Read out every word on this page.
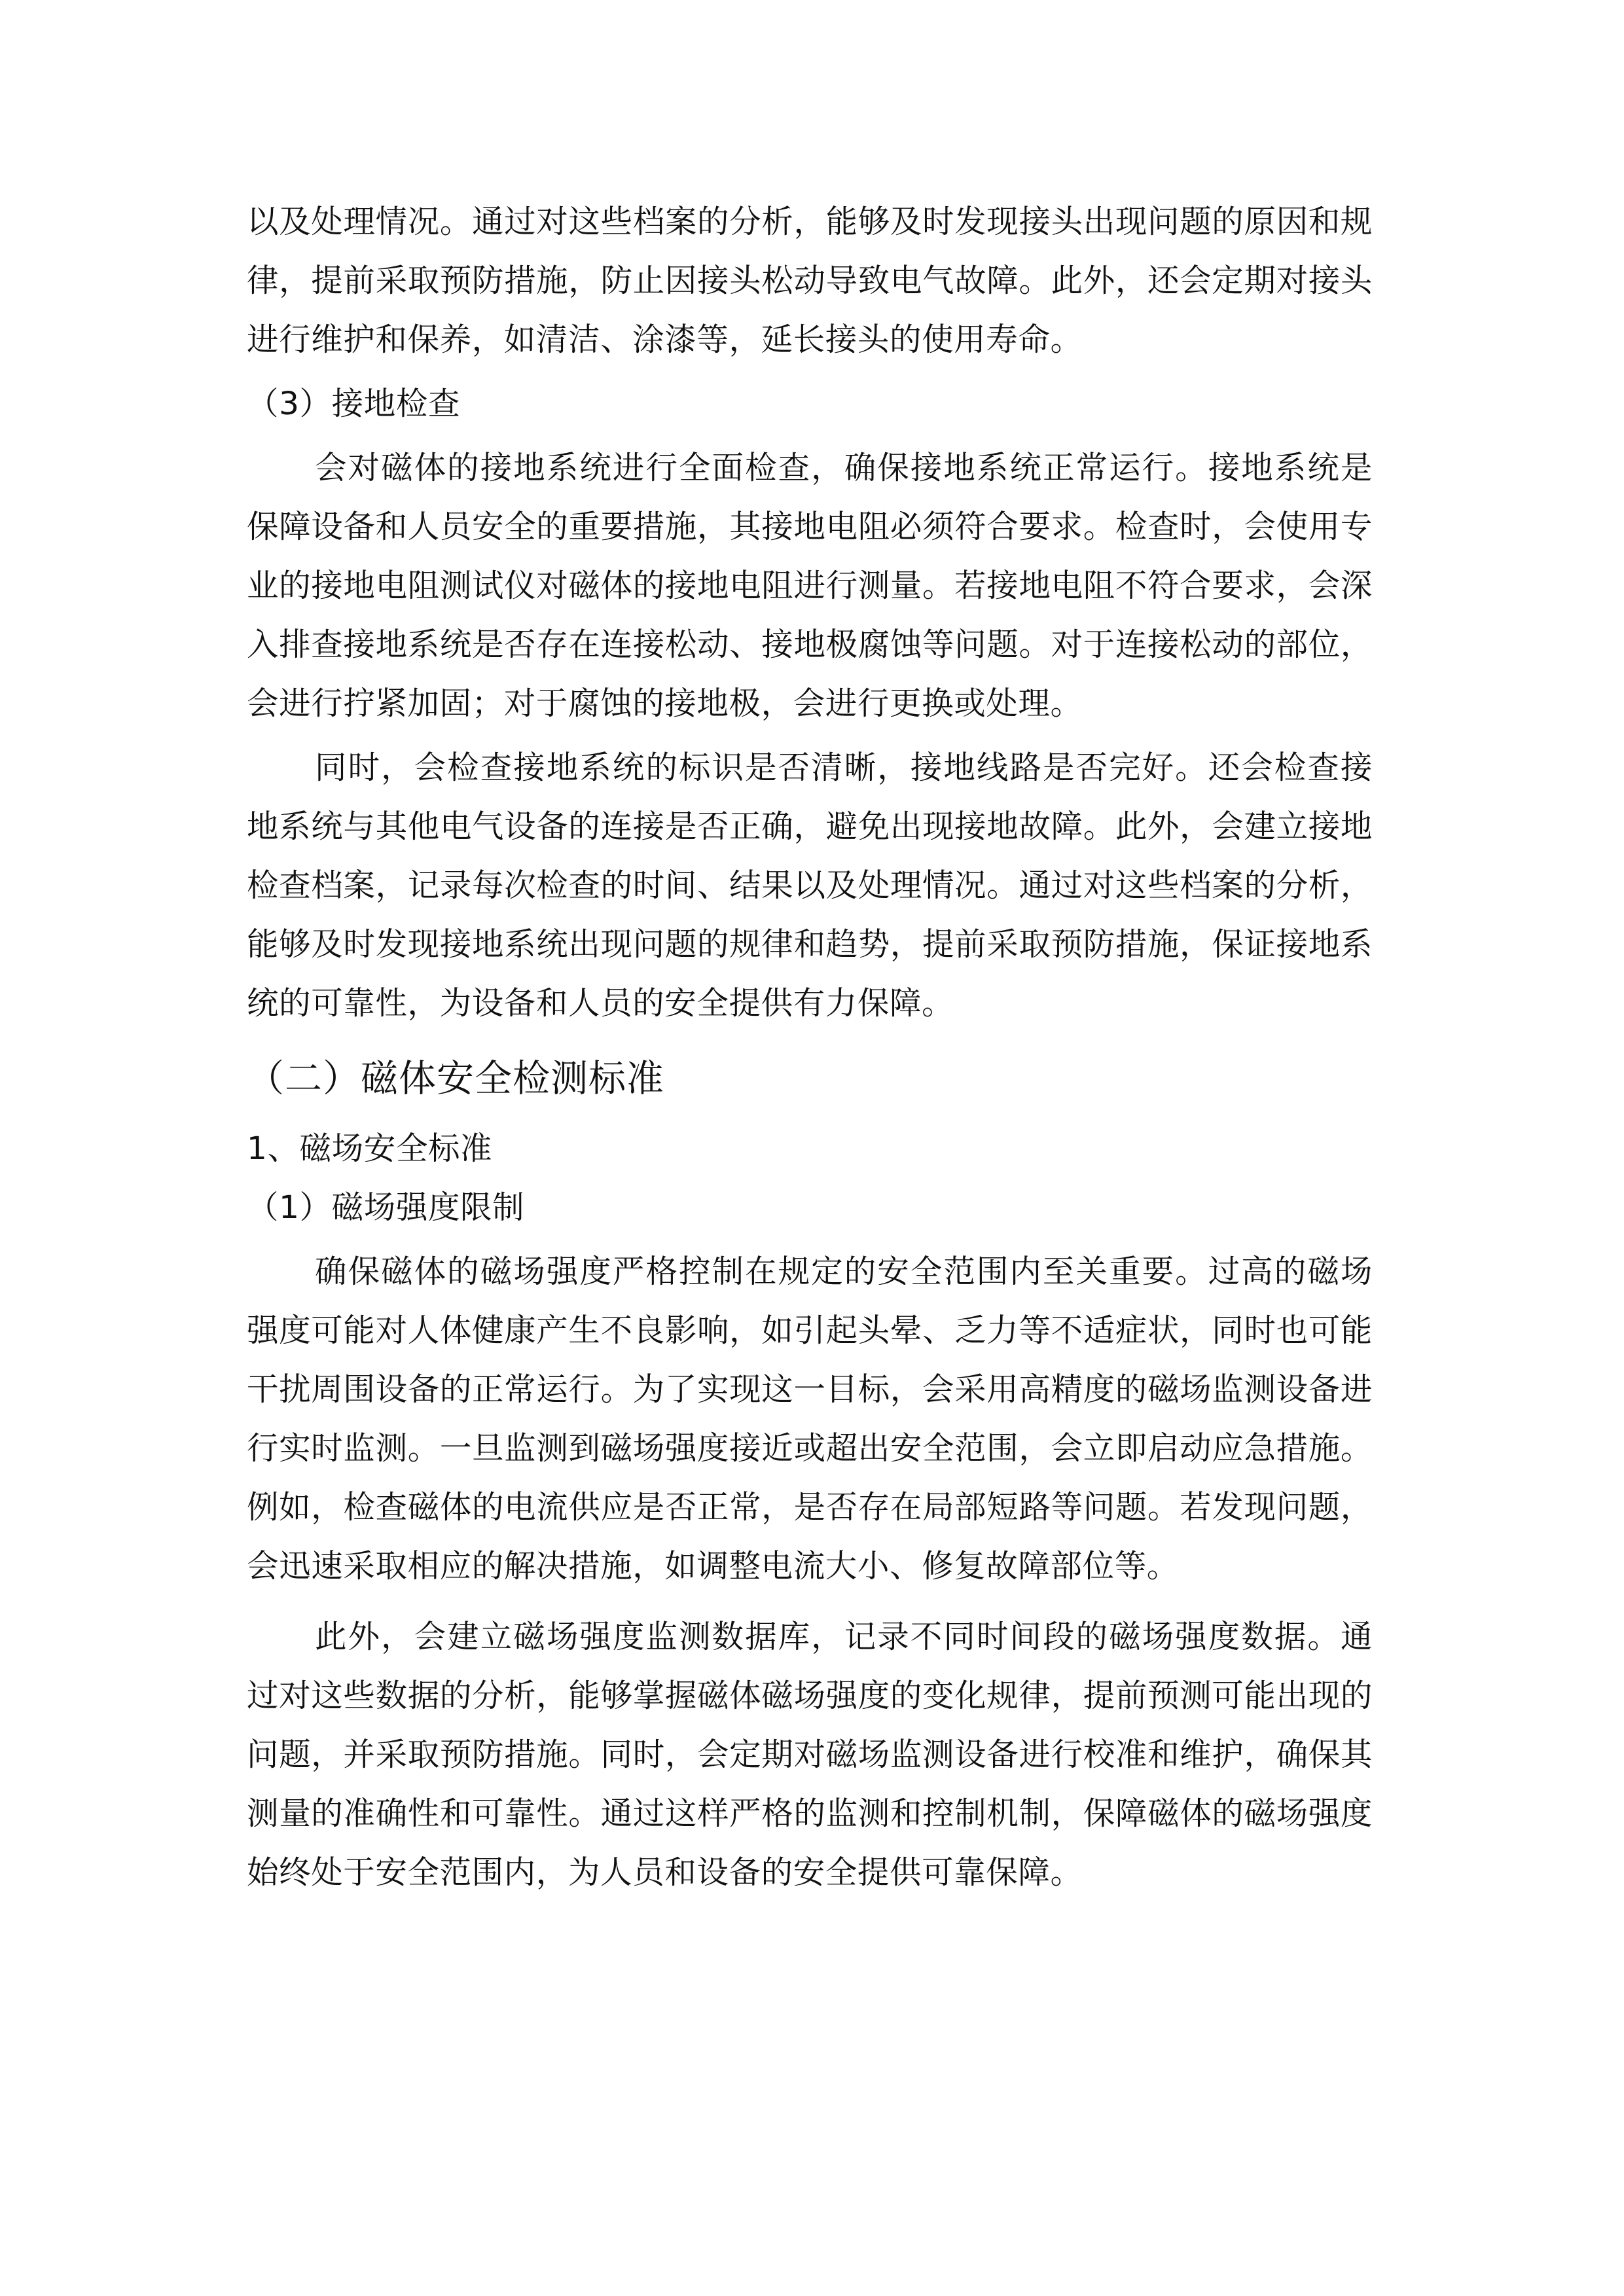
以及处理情况。通过对这些档案的分析，能够及时发现接头出现问题的原因和规律，提前采取预防措施，防止因接头松动导致电气故障。此外，还会定期对接头进行维护和保养，如清洁、涂漆等，延长接头的使用寿命。

（3）接地检查

会对磁体的接地系统进行全面检查，确保接地系统正常运行。接地系统是保障设备和人员安全的重要措施，其接地电阻必须符合要求。检查时，会使用专业的接地电阻测试仪对磁体的接地电阻进行测量。若接地电阻不符合要求，会深入排查接地系统是否存在连接松动、接地极腐蚀等问题。对于连接松动的部位，会进行拧紧加固；对于腐蚀的接地极，会进行更换或处理。

同时，会检查接地系统的标识是否清晰，接地线路是否完好。还会检查接地系统与其他电气设备的连接是否正确，避免出现接地故障。此外，会建立接地检查档案，记录每次检查的时间、结果以及处理情况。通过对这些档案的分析，能够及时发现接地系统出现问题的规律和趋势，提前采取预防措施，保证接地系统的可靠性，为设备和人员的安全提供有力保障。

（二）磁体安全检测标准

1、磁场安全标准

（1）磁场强度限制

确保磁体的磁场强度严格控制在规定的安全范围内至关重要。过高的磁场强度可能对人体健康产生不良影响，如引起头晕、乏力等不适症状，同时也可能干扰周围设备的正常运行。为了实现这一目标，会采用高精度的磁场监测设备进行实时监测。一旦监测到磁场强度接近或超出安全范围，会立即启动应急措施。例如，检查磁体的电流供应是否正常，是否存在局部短路等问题。若发现问题，会迅速采取相应的解决措施，如调整电流大小、修复故障部位等。

此外，会建立磁场强度监测数据库，记录不同时间段的磁场强度数据。通过对这些数据的分析，能够掌握磁体磁场强度的变化规律，提前预测可能出现的问题，并采取预防措施。同时，会定期对磁场监测设备进行校准和维护，确保其测量的准确性和可靠性。通过这样严格的监测和控制机制，保障磁体的磁场强度始终处于安全范围内，为人员和设备的安全提供可靠保障。
